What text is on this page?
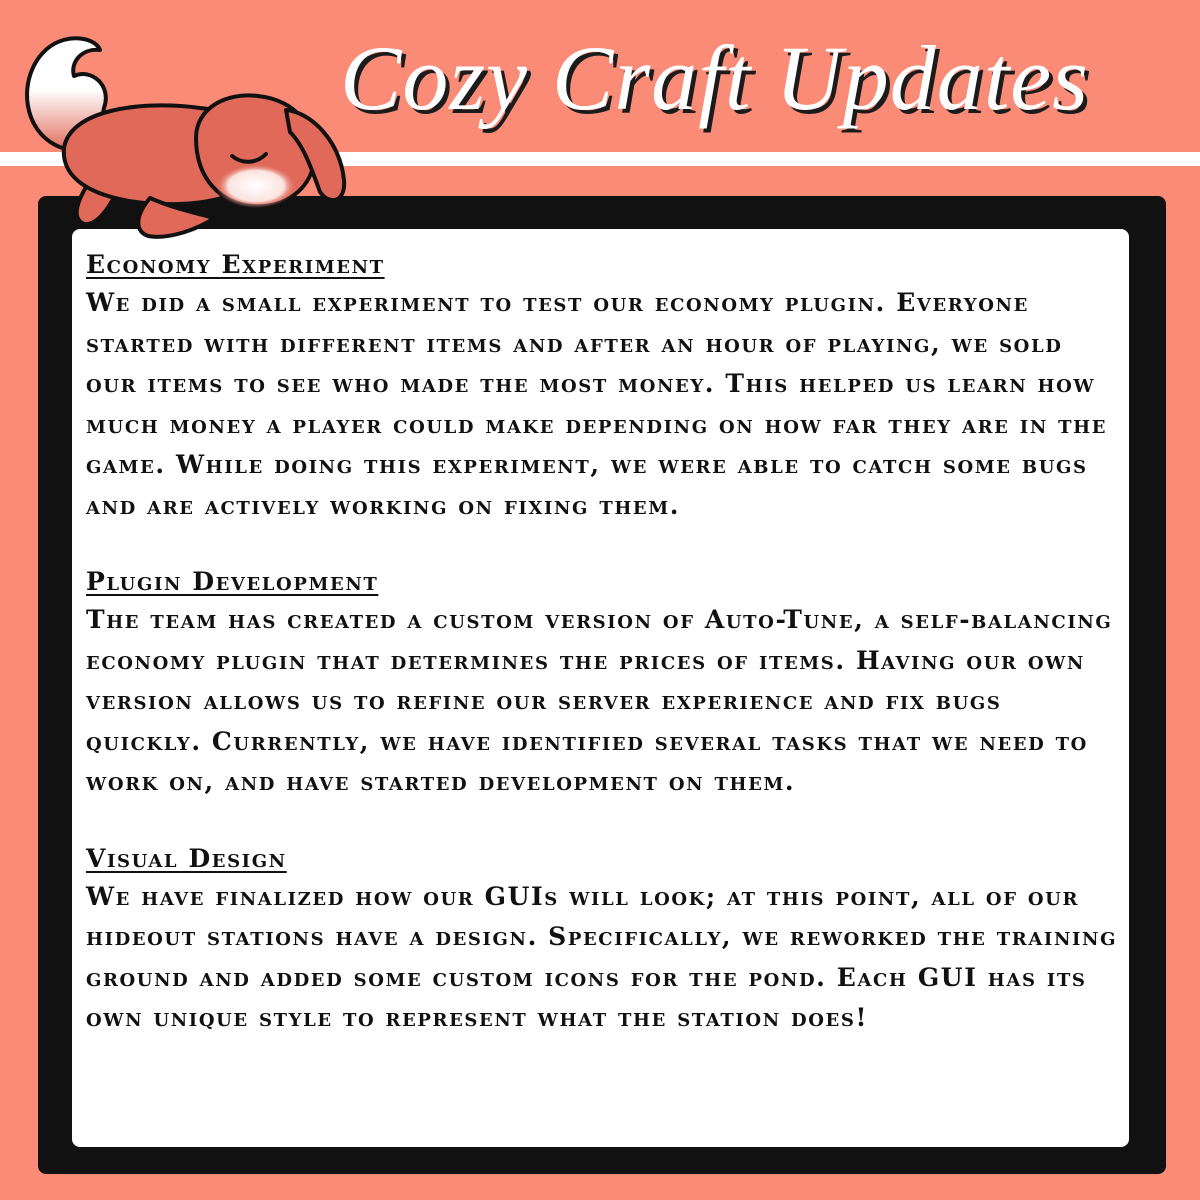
Cozy Craft Updates
Economy Experiment

We did a small experiment to test our economy plugin. Everyone started with different items and after an hour of playing, we sold our items to see who made the most money. This helped us learn how much money a player could make depending on how far they are in the game. While doing this experiment, we were able to catch some bugs and are actively working on fixing them.

Plugin Development

The team has created a custom version of Auto-Tune, a self-balancing economy plugin that determines the prices of items. Having our own version allows us to refine our server experience and fix bugs quickly. Currently, we have identified several tasks that we need to work on, and have started development on them.

Visual Design

We have finalized how our GUIs will look; at this point, all of our hideout stations have a design. Specifically, we reworked the training ground and added some custom icons for the pond. Each GUI has its own unique style to represent what the station does!
